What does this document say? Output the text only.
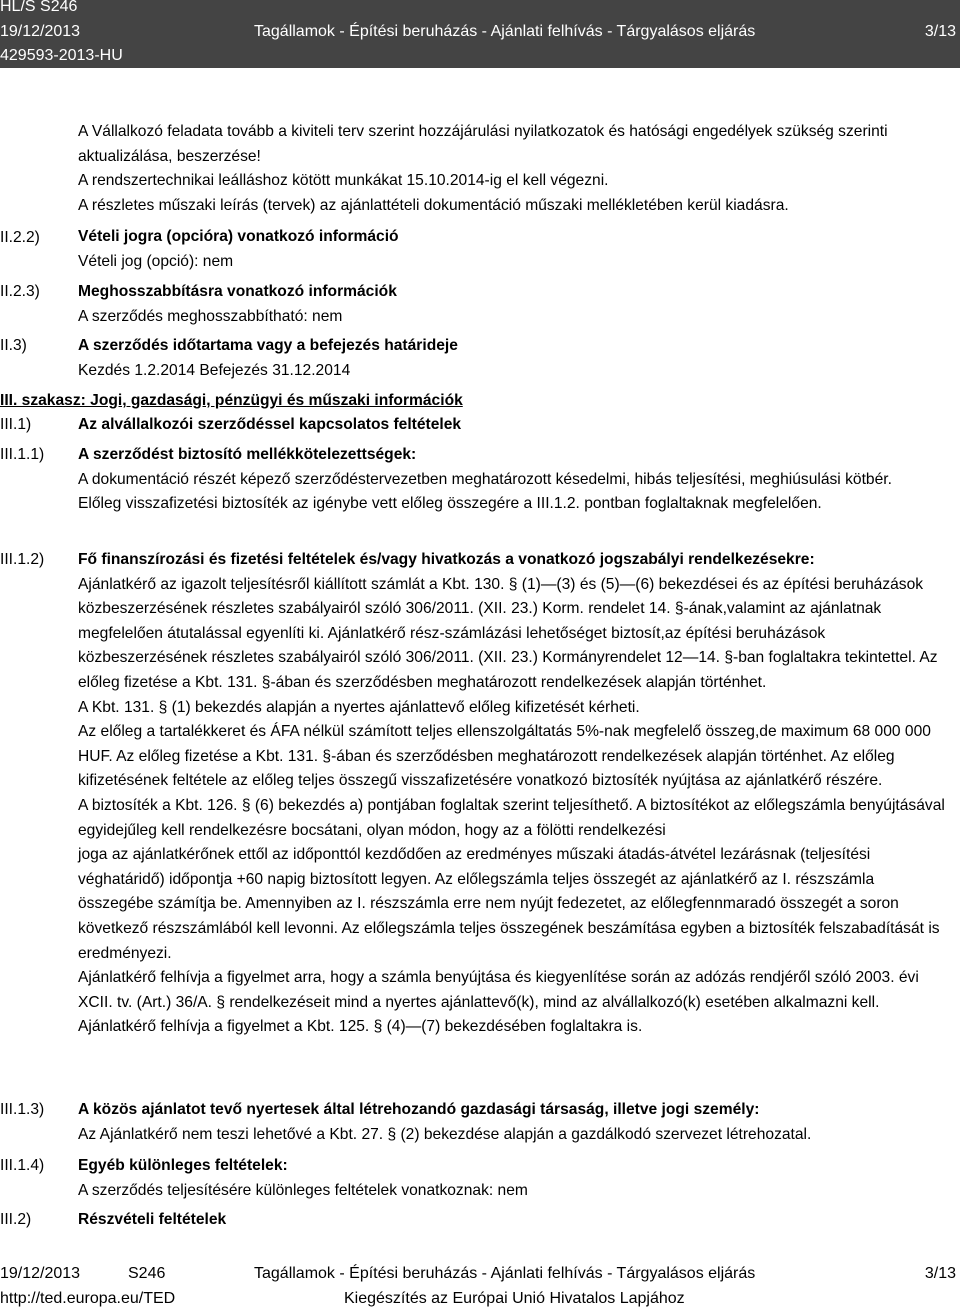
HL/S S246
19/12/2013	Tagállamok - Építési beruházás - Ajánlati felhívás - Tárgyalásos eljárás	3/13
429593-2013-HU

A Vállalkozó feladata tovább a kiviteli terv szerint hozzájárulási nyilatkozatok és hatósági engedélyek szükség szerinti aktualizálása, beszerzése!

A rendszertechnikai leálláshoz kötött munkákat 15.10.2014-ig el kell végezni.

A részletes műszaki leírás (tervek) az ajánlattételi dokumentáció műszaki mellékletében kerül kiadásra.

II.2.2)	Vételi jogra (opcióra) vonatkozó információ

Vételi jog (opció): nem

II.2.3)	Meghosszabbításra vonatkozó információk

A szerződés meghosszabbítható: nem

II.3)	A szerződés időtartama vagy a befejezés határideje

Kezdés 1.2.2014 Befejezés 31.12.2014

III. szakasz: Jogi, gazdasági, pénzügyi és műszaki információk
III.1)	Az alvállalkozói szerződéssel kapcsolatos feltételek

III.1.1)	A szerződést biztosító mellékkötelezettségek:

A dokumentáció részét képező szerződéstervezetben meghatározott késedelmi, hibás teljesítési, meghiúsulási kötbér.

Előleg visszafizetési biztosíték az igénybe vett előleg összegére a III.1.2. pontban foglaltaknak megfelelően.

III.1.2)	Fő finanszírozási és fizetési feltételek és/vagy hivatkozás a vonatkozó jogszabályi rendelkezésekre:

Ajánlatkérő az igazolt teljesítésről kiállított számlát a Kbt. 130. § (1)—(3) és (5)—(6) bekezdései és az építési beruházások közbeszerzésének részletes szabályairól szóló 306/2011. (XII. 23.) Korm. rendelet 14. §-ának,valamint az ajánlatnak megfelelően átutalással egyenlíti ki. Ajánlatkérő rész-számlázási lehetőséget biztosít,az építési beruházások közbeszerzésének részletes szabályairól szóló 306/2011. (XII. 23.) Kormányrendelet 12—14. §-ban foglaltakra tekintettel. Az előleg fizetése a Kbt. 131. §-ában és szerződésben meghatározott rendelkezések alapján történhet.

A Kbt. 131. § (1) bekezdés alapján a nyertes ajánlattevő előleg kifizetését kérheti.

Az előleg a tartalékkeret és ÁFA nélkül számított teljes ellenszolgáltatás 5%-nak megfelelő összeg,de maximum 68 000 000 HUF. Az előleg fizetése a Kbt. 131. §-ában és szerződésben meghatározott rendelkezések alapján történhet. Az előleg kifizetésének feltétele az előleg teljes összegű visszafizetésére vonatkozó biztosíték nyújtása az ajánlatkérő részére.

A biztosíték a Kbt. 126. § (6) bekezdés a) pontjában foglaltak szerint teljesíthető. A biztosítékot az előlegszámla benyújtásával egyidejűleg kell rendelkezésre bocsátani, olyan módon, hogy az a fölötti rendelkezési

joga az ajánlatkérőnek ettől az időponttól kezdődően az eredményes műszaki átadás-átvétel lezárásnak (teljesítési véghatáridő) időpontja +60 napig biztosított legyen. Az előlegszámla teljes összegét az ajánlatkérő az I. részszámla összegébe számítja be. Amennyiben az I. részszámla erre nem nyújt fedezetet, az előlegfennmaradó összegét a soron következő részszámlából kell levonni. Az előlegszámla teljes összegének beszámítása egyben a biztosíték felszabadítását is eredményezi.

Ajánlatkérő felhívja a figyelmet arra, hogy a számla benyújtása és kiegyenlítése során az adózás rendjéről szóló 2003. évi XCII. tv. (Art.) 36/A. § rendelkezéseit mind a nyertes ajánlattevő(k), mind az alvállalkozó(k) esetében alkalmazni kell. Ajánlatkérő felhívja a figyelmet a Kbt. 125. § (4)—(7) bekezdésében foglaltakra is.

III.1.3)	A közös ajánlatot tevő nyertesek által létrehozandó gazdasági társaság, illetve jogi személy:

Az Ajánlatkérő nem teszi lehetővé a Kbt. 27. § (2) bekezdése alapján a gazdálkodó szervezet létrehozatal.

III.1.4)	Egyéb különleges feltételek:

A szerződés teljesítésére különleges feltételek vonatkoznak: nem

III.2)	Részvételi feltételek

19/12/2013	S246	Tagállamok - Építési beruházás - Ajánlati felhívás - Tárgyalásos eljárás	3/13
http://ted.europa.eu/TED	Kiegészítés az Európai Unió Hivatalos Lapjához
